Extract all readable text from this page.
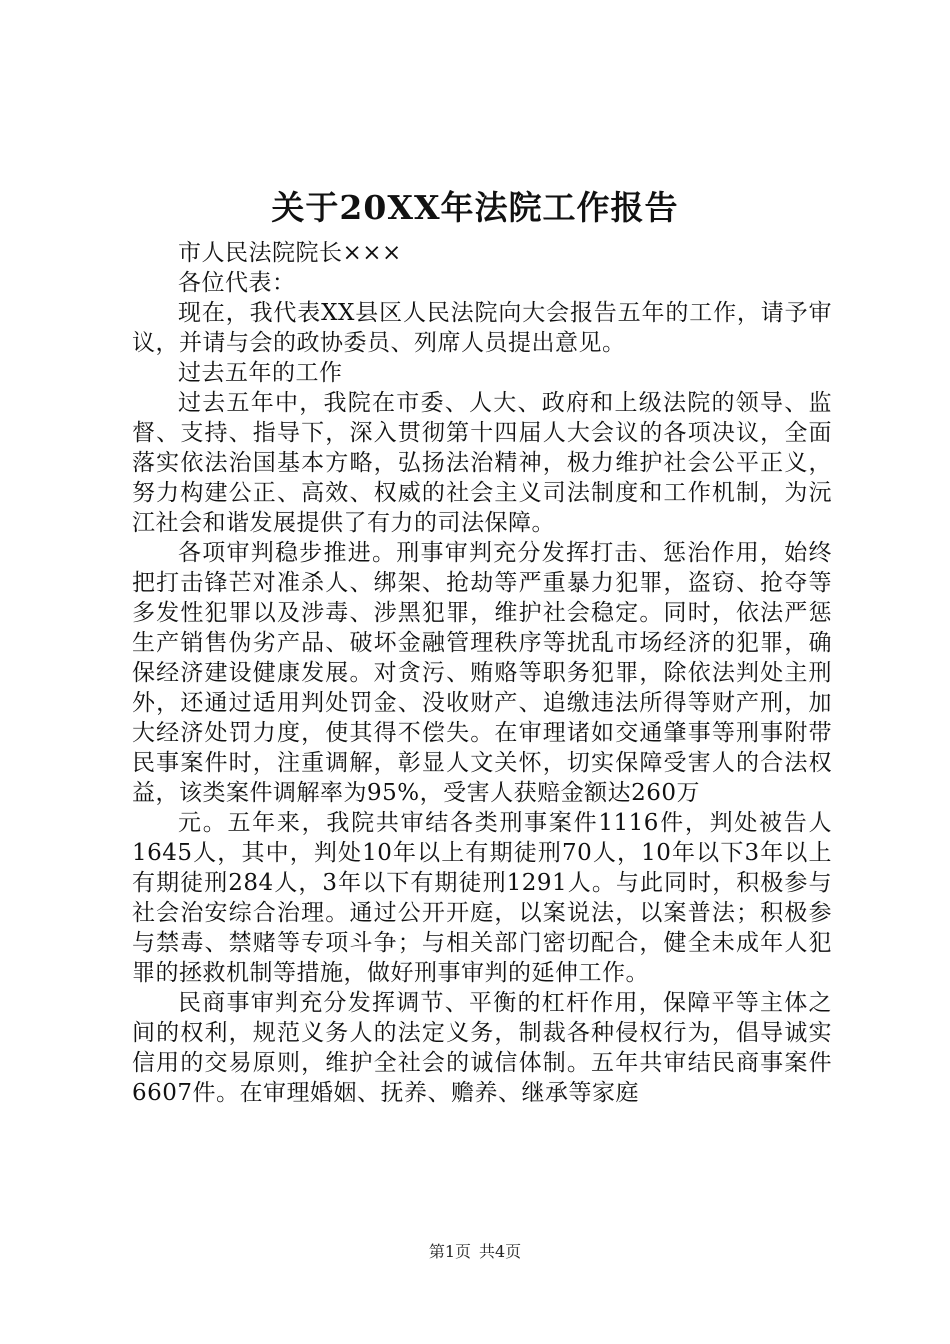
关于20XX年法院工作报告

市人民法院院长×××

各位代表：

现在，我代表XX县区人民法院向大会报告五年的工作，请予审议，并请与会的政协委员、列席人员提出意见。

过去五年的工作

过去五年中，我院在市委、人大、政府和上级法院的领导、监督、支持、指导下，深入贯彻第十四届人大会议的各项决议，全面落实依法治国基本方略，弘扬法治精神，极力维护社会公平正义，努力构建公正、高效、权威的社会主义司法制度和工作机制，为沅江社会和谐发展提供了有力的司法保障。

各项审判稳步推进。刑事审判充分发挥打击、惩治作用，始终把打击锋芒对准杀人、绑架、抢劫等严重暴力犯罪，盗窃、抢夺等多发性犯罪以及涉毒、涉黑犯罪，维护社会稳定。同时，依法严惩生产销售伪劣产品、破坏金融管理秩序等扰乱市场经济的犯罪，确保经济建设健康发展。对贪污、贿赂等职务犯罪，除依法判处主刑外，还通过适用判处罚金、没收财产、追缴违法所得等财产刑，加大经济处罚力度，使其得不偿失。在审理诸如交通肇事等刑事附带民事案件时，注重调解，彰显人文关怀，切实保障受害人的合法权益，该类案件调解率为95%，受害人获赔金额达260万

元。五年来，我院共审结各类刑事案件1116件，判处被告人1645人，其中，判处10年以上有期徒刑70人，10年以下3年以上有期徒刑284人，3年以下有期徒刑1291人。与此同时，积极参与社会治安综合治理。通过公开开庭，以案说法，以案普法；积极参与禁毒、禁赌等专项斗争；与相关部门密切配合，健全未成年人犯罪的拯救机制等措施，做好刑事审判的延伸工作。

民商事审判充分发挥调节、平衡的杠杆作用，保障平等主体之间的权利，规范义务人的法定义务，制裁各种侵权行为，倡导诚实信用的交易原则，维护全社会的诚信体制。五年共审结民商事案件6607件。在审理婚姻、抚养、赡养、继承等家庭

第1页 共4页
